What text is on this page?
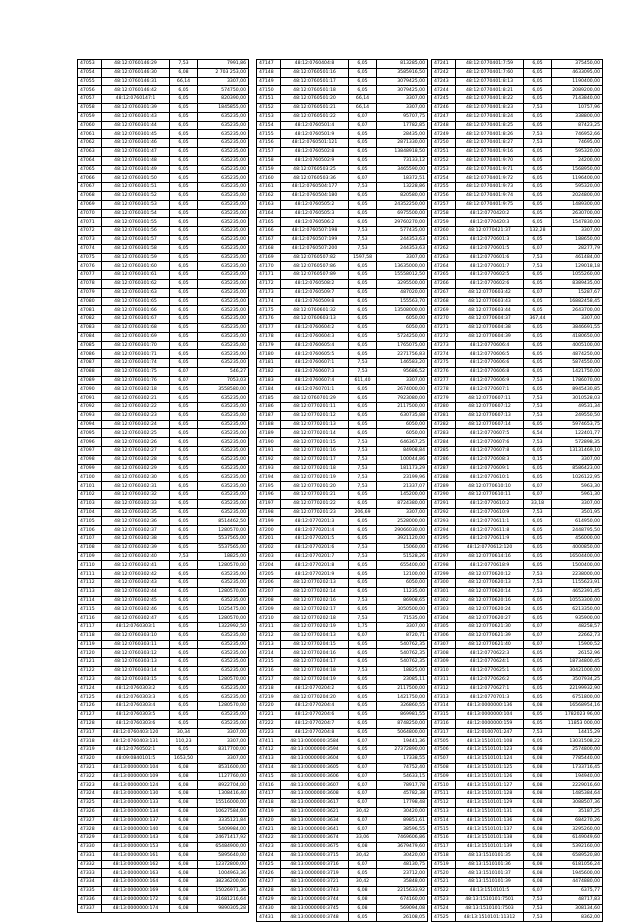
47053	48:12:0760146:29	7,53	7991,86
47054	48:12:0760146:30	6,08	2 703 253,00
47055	48:12:0760146:31	66,14	3307,00
47056	48:12:0760146:42	6,05	574750,00
47057	48:12:0760147:1	6,05	820390,00
47058	48:12:0760301:39	6,05	1845855,00
47059	48:12:0760301:43	6,05	635235,00
47060	48:12:0760301:44	6,05	635235,00
47061	48:12:0760301:45	6,05	635235,00
47062	48:12:0760301:46	6,05	635235,00
47063	48:12:0760301:47	6,05	635235,00
47064	48:12:0760301:48	6,05	635235,00
47065	48:12:0760301:49	6,05	635235,00
47066	48:12:0760301:50	6,05	635235,00
47067	48:12:0760301:51	6,05	635235,00
47068	48:12:0760301:52	6,05	635235,00
47069	48:12:0760301:53	6,05	635235,00
47070	48:12:0760301:54	6,05	635235,00
47071	48:12:0760301:55	6,05	635235,00
47072	48:12:0760301:56	6,05	635235,00
47073	48:12:0760301:57	6,05	635235,00
47074	48:12:0760301:58	6,05	635235,00
47075	48:12:0760301:59	6,05	635235,00
47076	48:12:0760301:60	6,05	635235,00
47077	48:12:0760301:61	6,05	635235,00
47078	48:12:0760301:62	6,05	635235,00
47079	48:12:0760301:63	6,05	635235,00
47080	48:12:0760301:65	6,05	635235,00
47081	48:12:0760301:66	6,05	635235,00
47082	48:12:0760301:67	6,05	635235,00
47083	48:12:0760301:68	6,05	635235,00
47084	48:12:0760301:69	6,05	635235,00
47085	48:12:0760301:70	6,05	635235,00
47086	48:12:0760301:71	6,05	635235,00
47087	48:12:0760301:74	6,05	635235,00
47088	48:12:0760301:75	6,07	546,27
47089	48:12:0760301:76	6,07	7053,03
47090	48:12:0760302:18	6,05	3558580,00
47091	48:12:0760302:21	6,05	635235,00
47092	48:12:0760302:22	6,05	635235,00
47093	48:12:0760302:23	6,05	635235,00
47094	48:12:0760302:24	6,05	635235,00
47095	48:12:0760302:25	6,05	635235,00
47096	48:12:0760302:26	6,05	635235,00
47097	48:12:0760302:27	6,05	635235,00
47098	48:12:0760302:28	6,05	635235,00
47099	48:12:0760302:29	6,05	635235,00
47100	48:12:0760302:30	6,05	635235,00
47101	48:12:0760302:31	6,05	635235,00
47102	48:12:0760302:32	6,05	635235,00
47103	48:12:0760302:33	6,05	635235,00
47104	48:12:0760302:35	6,05	635235,00
47105	48:12:0760302:36	6,05	8514462,50
47106	48:12:0760302:37	6,05	1280570,00
47107	48:12:0760302:38	6,05	5537565,00
47108	48:12:0760302:39	6,05	5537565,00
47109	48:12:0760302:40	7,53	18825,00
47110	48:12:0760302:41	6,05	1280570,00
47111	48:12:0760302:42	6,05	635235,00
47112	48:12:0760302:43	6,05	635235,00
47113	48:12:0760302:44	6,05	1280570,00
47114	48:12:0760302:45	6,05	635235,00
47115	48:12:0760302:46	6,05	1025475,00
47116	48:12:0760302:47	6,05	1280570,00
47117	48:12:0760303:1	6,05	1322992,50
47118	48:12:0760303:10	6,05	635235,00
47119	48:12:0760303:11	6,05	635235,00
47120	48:12:0760303:12	6,05	635235,00
47121	48:12:0760303:13	6,05	635235,00
47122	48:12:0760303:14	6,05	635235,00
47123	48:12:0760303:15	6,05	1280570,00
47124	48:12:0760303:2	6,05	635235,00
47125	48:12:0760303:3	6,05	635235,00
47126	48:12:0760303:4	6,05	1280570,00
47127	48:12:0760303:5	6,05	635235,00
47128	48:12:0760303:6	6,05	635235,00
47317	48:12:0760403:120	30,34	3307,00
47318	48:12:0760403:131	110,23	3307,00
47319	48:12:0760502:1	6,05	8317700,00
47320	48:09:0840101:5	1653,50	3307,00
47321	48:13:0000000:104	6,08	8531600,00
47322	48:13:0000000:109	6,08	1127760,00
47323	48:13:0000000:124	6,08	8922704,00
47324	48:13:0000000:130	6,08	1308416,40
47325	48:13:0000000:133	6,08	15516000,00
47326	48:13:0000000:134	6,08	10627584,00
47327	48:13:0000000:137	6,08	3335121,84
47328	48:13:0000000:140	6,08	5409984,00
47329	48:13:0000000:143	6,08	24671417,92
47330	48:13:0000000:153	6,08	65484900,00
47331	48:13:0000000:161	6,08	5895640,00
47332	48:13:0000000:162	6,08	12372800,00
47333	48:13:0000000:163	6,08	1004963,36
47334	48:13:0000000:164	6,08	38236200,00
47335	48:13:0000000:169	6,08	15026971,36
47336	48:13:0000000:172	6,08	31681216,64
47337	48:13:0000000:174	6,08	9890305,28
47147	48:12:0760404:8	6,05	813285,00
47148	48:12:0760501:16	6,05	3585916,50
47149	48:12:0760501:17	6,05	3079425,00
47150	48:12:0760501:18	6,05	3079425,00
47151	48:12:0760501:20	66,14	3307,00
47152	48:12:0760501:21	66,14	3307,00
47153	48:12:0760501:22	6,07	95707,75
47154	48:12:0760501:4	6,07	17782,85
47155	48:12:0760501:9	6,05	28435,00
47156	48:12:0760501:121	6,05	2871330,00
47157	48:12:0760502:8	6,05	13848918,50
47158	48:12:0760502:9	6,05	73133,12
47159	48:12:0760503:25	6,05	3465590,00
47160	48:12:0760503:36	6,07	18372,51
47161	48:12:0760504:177	7,53	13228,86
47162	48:12:0760504:180	6,05	820580,00
47163	48:12:0760505:2	6,05	24352250,00
47164	48:12:0760505:3	6,05	6975500,00
47165	48:12:0760506:2	6,05	29760270,00
47166	48:12:0760507:198	7,53	577435,00
47167	48:12:0760507:199	7,53	244353,63
47168	48:12:0760507:200	7,53	244353,63
47169	48:12:0760507:82	1597,58	3307,00
47170	48:12:0760507:86	6,05	13635000,00
47171	48:12:0760507:89	6,05	15558012,50
47172	48:12:0760508:2	6,05	3295500,00
47173	48:12:0760509:7	6,05	487020,00
47174	48:12:0760509:8	6,05	155563,70
47175	48:12:0760601:32	6,05	13508000,00
47176	48:12:0760603:13	6,05	6050,00
47177	48:12:0760604:2	6,05	6050,00
47178	48:12:0760604:3	6,05	5724250,00
47179	48:12:0760605:4	6,05	1765075,00
47180	48:12:0760605:5	6,05	2271756,83
47181	48:12:0760607:1	7,53	146583,20
47182	48:12:0760607:3	7,53	95686,52
47183	48:12:0760607:4	611,40	3307,00
47184	48:12:0760701:1	6,05	2674000,00
47185	48:12:0760701:29	6,05	7923080,00
47186	48:12:0770201:11	6,05	2117500,00
47187	48:12:0770201:12	6,05	630735,88
47188	48:12:0770201:13	6,05	6050,00
47189	48:12:0770201:14	6,05	6050,00
47190	48:12:0770201:15	7,53	646367,25
47191	48:12:0770201:16	7,53	84908,84
47192	48:12:0770201:17	7,53	100044,86
47193	48:12:0770201:18	7,53	181173,29
47194	48:12:0770201:19	7,53	23199,96
47195	48:12:0770201:20	7,53	21337,07
47196	48:12:0770201:21	6,05	145200,00
47197	48:12:0770201:22	6,05	8724380,00
47198	48:12:0770201:23	206,69	3307,00
47199	48:12:0770201:3	6,05	2528000,00
47200	48:12:0770201:4	6,05	29066030,00
47201	48:12:0770201:5	6,05	3921120,00
47202	48:12:0770201:6	7,53	15060,00
47203	48:12:0770201:7	7,53	51528,26
47204	48:12:0770201:8	6,05	655400,00
47205	48:12:0770201:9	6,05	12100,00
47206	48:12:0770202:13	6,05	6050,00
47207	48:12:0770202:14	6,05	11235,00
47208	48:12:0770202:16	7,53	86908,65
47209	48:12:0770202:17	6,05	3050500,00
47210	48:12:0770202:18	7,53	71535,00
47211	48:12:0770202:19	1,75	3307,00
47212	48:12:0770204:13	6,07	8720,71
47213	48:12:0770204:15	6,05	540762,35
47214	48:12:0770204:16	6,05	540762,35
47215	48:12:0770204:17	6,05	540762,35
47216	48:12:0770204:18	7,53	18825,00
47217	48:12:0770204:19	6,05	23085,11
47218	48:12:0770204:2	6,05	2117500,00
47219	48:12:0770204:20	6,05	1421750,00
47220	48:12:0770204:4	6,05	326860,55
47221	48:12:0770204:6	6,05	869981,55
47222	48:12:0770204:7	6,05	8748250,00
47223	48:12:0770204:8	6,05	5064800,00
47411	48:13:0000000:3584	6,07	19441,36
47412	48:13:0000000:3594	6,05	27372890,00
47413	48:13:0000000:3604	6,07	17338,55
47414	48:13:0000000:3605	6,07	74752,40
47415	48:13:0000000:3606	6,07	54633,15
47416	48:13:0000000:3607	6,07	78917,78
47417	48:13:0000000:3608	6,07	45782,38
47418	48:13:0000000:3617	6,07	17798,48
47419	48:13:0000000:3621	30,42	30420,00
47420	48:13:0000000:3634	6,07	89851,61
47421	48:13:0000000:3641	6,07	38596,55
47422	48:13:0000000:3674	33,06	7469606,86
47423	48:13:0000000:3675	6,08	3679479,60
47424	48:13:0000000:3715	30,42	30420,00
47425	48:13:0000000:3716	6,07	48130,75
47426	48:13:0000000:3719	6,05	23712,00
47427	48:13:0000000:3721	30,42	35848,00
47428	48:13:0000000:3743	6,08	2215633,92
47429	48:13:0000000:3744	6,08	674160,00
47430	48:13:0000000:3745	6,08	569094,08
47431	48:13:0000000:3748	6,05	26108,05
47241	48:12:0770401:7:59	6,05	375450,00
47242	48:12:0770401:7:60	6,05	4633095,00
47243	48:12:0770401:8:13	6,05	1190400,00
47244	48:12:0770401:8:21	6,05	2089200,00
47245	48:12:0770401:8:22	6,05	7143840,00
47246	48:12:0770401:8:23	7,53	10757,96
47247	48:12:0770401:8:24	6,05	338800,00
47248	48:12:0770401:8:25	6,05	87423,25
47249	48:12:0770401:8:26	7,53	746952,66
47250	48:12:0770401:8:27	7,53	74695,00
47251	48:12:0770401:9:16	6,05	595320,00
47252	48:12:0770401:9:70	6,05	24200,00
47253	48:12:0770401:9:71	6,05	1568950,00
47254	48:12:0770401:9:72	6,05	1196400,00
47255	48:12:0770401:9:73	6,05	595320,00
47256	48:12:0770401:9:74	6,05	2024800,00
47257	48:12:0770401:9:75	6,05	1489300,00
47258	48:12:0770420:2	6,05	2630700,00
47259	48:12:0770420:3	6,05	1547830,00
47260	48:12:0770421:37	132,28	3307,00
47261	48:12:0770601:3	6,05	188650,00
47262	48:12:0770601:5	6,07	28277,79
47263	48:12:0770601:6	7,53	461484,00
47264	48:12:0770601:7	7,53	129018,18
47265	48:12:0770602:5	6,05	1055260,00
47266	48:12:0770602:6	6,05	8389435,00
47267	48:12:0770603:42	6,07	15287,67
47268	48:12:0770603:43	6,05	16882458,45
47269	48:12:0770603:44	6,05	2643700,00
47270	48:12:0770604:37	367,44	3307,00
47271	48:12:0770604:38	6,05	3846691,55
47272	48:12:0770604:39	6,05	4180650,00
47273	48:12:0770606:4	6,05	4005100,00
47274	48:12:0770606:5	6,05	4874250,00
47275	48:12:0770606:6	6,05	5874550,00
47276	48:12:0770606:8	6,05	1421750,00
47277	48:12:0770606:9	7,53	1786070,00
47278	48:12:0770607:1	6,05	8945430,85
47279	48:12:0770607:11	7,53	3010528,03
47280	48:12:0770607:12	7,53	49531,34
47281	48:12:0770607:13	7,53	249550,50
47282	48:12:0770607:14	6,05	5974653,75
47283	48:12:0770607:5	6,54	122401,77
47284	48:12:0770607:6	7,53	572898,35
47285	48:12:0770607:8	6,05	13131469,10
47286	48:12:0770608:3	0,15	3307,00
47287	48:12:0770609:1	6,05	8586423,00
47288	48:12:0770610:1	6,05	1026122,95
47289	48:12:0770610:10	6,07	5963,30
47290	48:12:0770610:11	6,07	5961,30
47291	48:12:0770610:2	33,18	3307,00
47292	48:12:0770610:9	7,53	3501,95
47293	48:12:0770611:1	6,05	614950,00
47294	48:12:0770611:8	6,05	2448795,50
47295	48:12:0770611:9	6,05	456000,00
47296	48:12:0770612:120	6,05	4000850,00
47297	48:12:0770614:16	6,05	16504400,00
47298	48:12:0770618:9	6,05	1500400,00
47299	48:12:0770620:12	7,53	2238000,00
47300	48:12:0770620:13	7,53	1155623,91
47301	48:12:0770620:14	7,53	4652391,45
47302	48:12:0770620:16	6,05	10553300,00
47303	48:12:0770620:24	6,05	6213350,00
47304	48:12:0770620:27	6,05	935900,00
47305	48:12:0770621:30	6,07	48258,57
47306	48:12:0770621:39	6,07	22662,73
47307	48:12:0770621:40	6,07	15900,52
47308	48:12:0770622:3	6,05	26152,96
47309	48:12:0770624:1	6,05	18734800,45
47310	48:12:0770625:1	6,05	30421000,00
47311	48:12:0770626:2	6,05	3507934,25
47312	48:12:0770627:1	6,05	22199932,90
47313	48:12:0770701:3	6,05	6751800,00
47314	48:13:0000000:136	6,08	16568954,16
47315	48:13:0000000:104	6,05	1782023 96,00
47316	48:12:0000000:159	6,05	11853 000,00
47317	48:12:0100701:247	7,53	14415,29
47505	48:13:1510101:108	6,05	13031508,22
47506	48:13:1510101:123	6,08	2574800,00
47507	48:13:1510101:124	6,08	7785440,00
47508	48:13:1510101:125	6,08	1733716,45
47509	48:13:1510101:126	6,08	194940,00
47510	48:13:1510101:127	6,08	2229016,60
47511	48:13:1510101:128	6,08	1485384,64
47512	48:13:1510101:129	6,08	3088507,36
47513	48:13:1510101:131	6,08	35187,25
47514	48:13:1510101:136	6,08	684270,26
47515	48:13:1510101:137	6,08	3295260,00
47516	48:13:1510101:138	6,08	6149049,60
47517	48:13:1510101:139	6,08	5392160,00
47518	48:13:1510101:35	6,08	6589520,80
47519	48:13:1510101:36	6,08	6181056,24
47520	48:13:1510101:37	6,08	1945600,00
47521	48:13:1510101:39	6,08	4474880,00
47522	48:13:1510101:5	6,07	6375,77
47523	48:13:1510101:7501	7,53	48717,83
47524	48:13:1510101:7503	7,53	308134,60
47525	48:13:1510101:11312	7,53	8362,00
